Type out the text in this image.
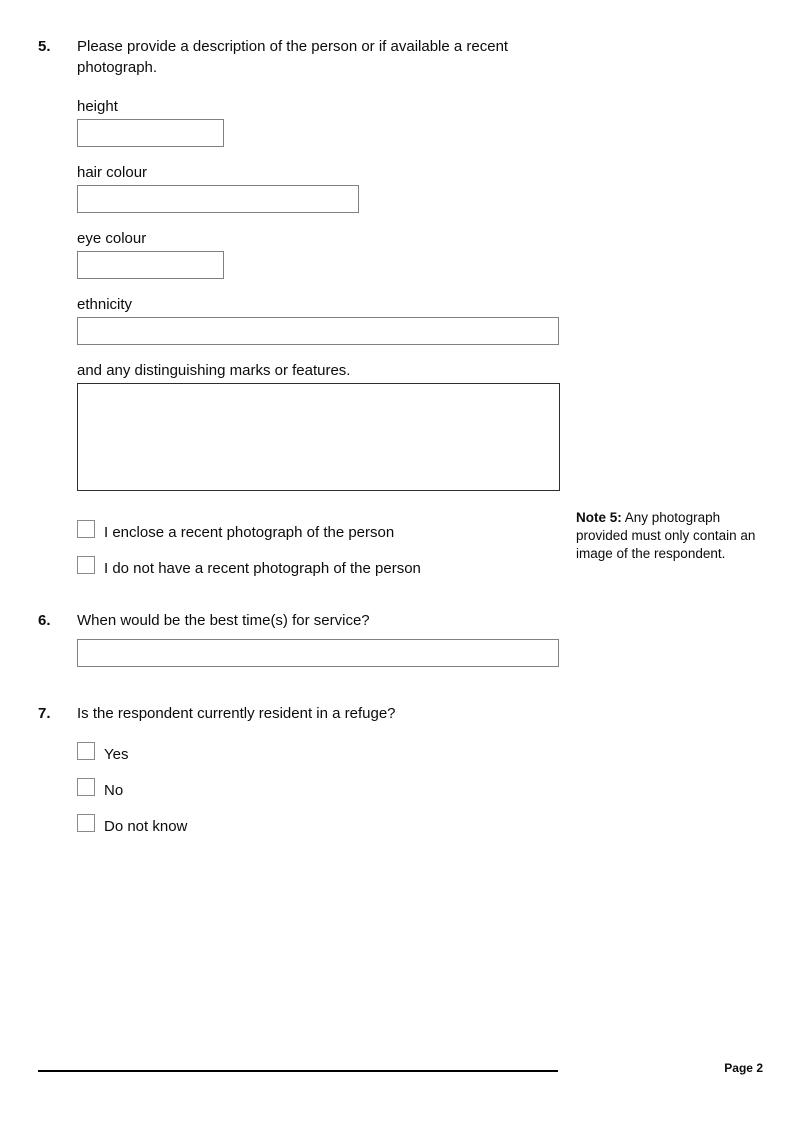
5.	Please provide a description of the person or if available a recent photograph.

height
hair colour
eye colour
ethnicity
and any distinguishing marks or features.
I enclose a recent photograph of the person
I do not have a recent photograph of the person
6.	When would be the best time(s) for service?

7.	Is the respondent currently resident in a refuge?

Yes
No
Do not know
Note 5: Any photograph provided must only contain an image of the respondent.
Page 2
